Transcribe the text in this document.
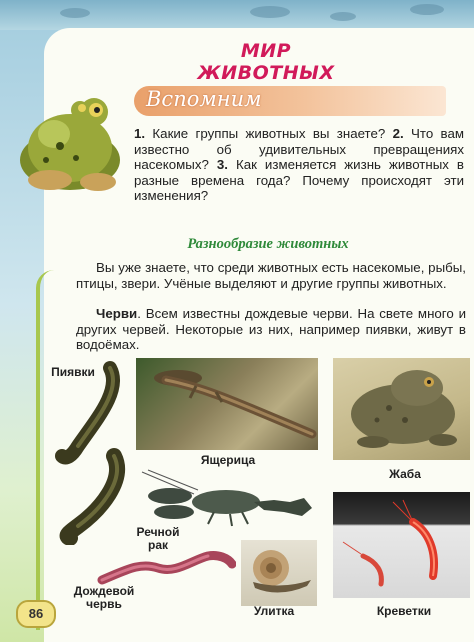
МИР ЖИВОТНЫХ
Вспомним
1. Какие группы животных вы знаете? 2. Что вам известно об удивительных превращениях насекомых? 3. Как изменяется жизнь животных в разные времена года? Почему происходят эти изменения?
Разнообразие животных
Вы уже знаете, что среди животных есть насекомые, рыбы, птицы, звери. Учёные выделяют и другие группы животных.
Черви. Всем известны дождевые черви. На свете много и других червей. Некоторые из них, например пиявки, живут в водоёмах.
Пиявки
Ящерица
Жаба
Речной
рак
Дождевой
червь	Улитка	Креветки
86
